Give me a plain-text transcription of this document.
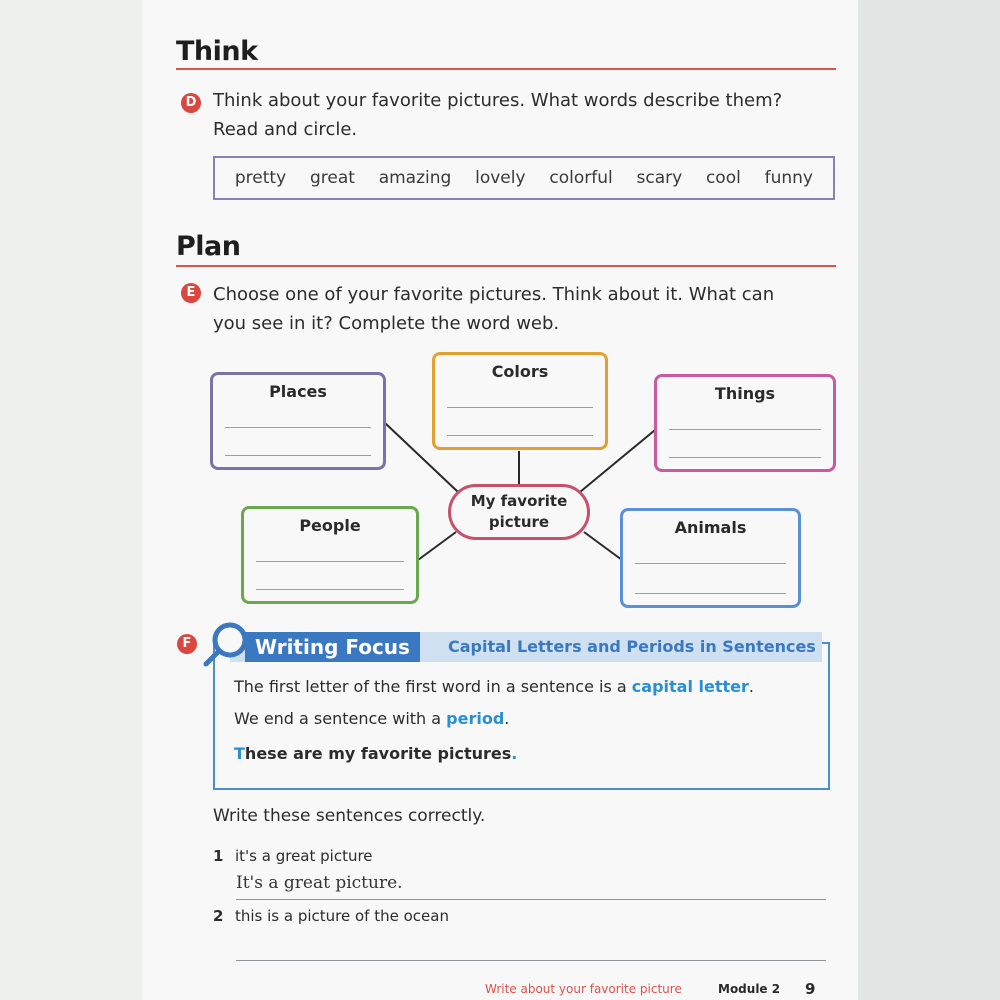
Think
D Think about your favorite pictures. What words describe them?
Read and circle.
pretty great amazing lovely colorful scary cool funny
Plan
E Choose one of your favorite pictures. Think about it. What can
you see in it? Complete the word web.
Places
Colors
Things
People	Animals
My favorite
picture
F	Writing Focus	Capital Letters and Periods in Sentences
The first letter of the first word in a sentence is a capital letter.
We end a sentence with a period.
These are my favorite pictures.
Write these sentences correctly.
1 it's a great picture
It's a great picture.
2 this is a picture of the ocean
Write about your favorite picture	Module 2 9
